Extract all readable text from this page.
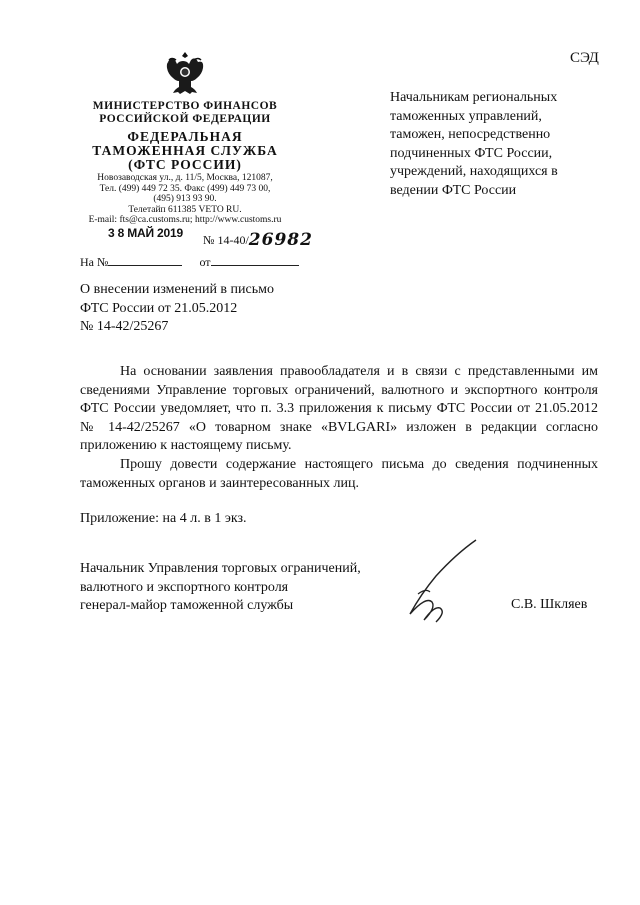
СЭД
МИНИСТЕРСТВО ФИНАНСОВ
РОССИЙСКОЙ ФЕДЕРАЦИИ
ФЕДЕРАЛЬНАЯ
ТАМОЖЕННАЯ СЛУЖБА
(ФТС РОССИИ)
Новозаводская ул., д. 11/5, Москва, 121087,
Тел. (499) 449 72 35. Факс (499) 449 73 00,
(495) 913 93 90.
Телетайп 611385 VETO RU.
E-mail: fts@ca.customs.ru; http://www.customs.ru
3 8 МАЙ 2019 № 14-40/26982
На №	от
Начальникам региональных
таможенных управлений,
таможен, непосредственно
подчиненных ФТС России,
учреждений, находящихся в
ведении ФТС России
О внесении изменений в письмо
ФТС России от 21.05.2012
№ 14-42/25267

На основании заявления правообладателя и в связи с представленными им сведениями Управление торговых ограничений, валютного и экспортного контроля ФТС России уведомляет, что п. 3.3 приложения к письму ФТС России от 21.05.2012 № 14-42/25267 «О товарном знаке «BVLGARI» изложен в редакции согласно приложению к настоящему письму.

Прошу довести содержание настоящего письма до сведения подчиненных таможенных органов и заинтересованных лиц.

Приложение: на 4 л. в 1 экз.
Начальник Управления торговых ограничений,
валютного и экспортного контроля
генерал-майор таможенной службы	С.В. Шкляев
